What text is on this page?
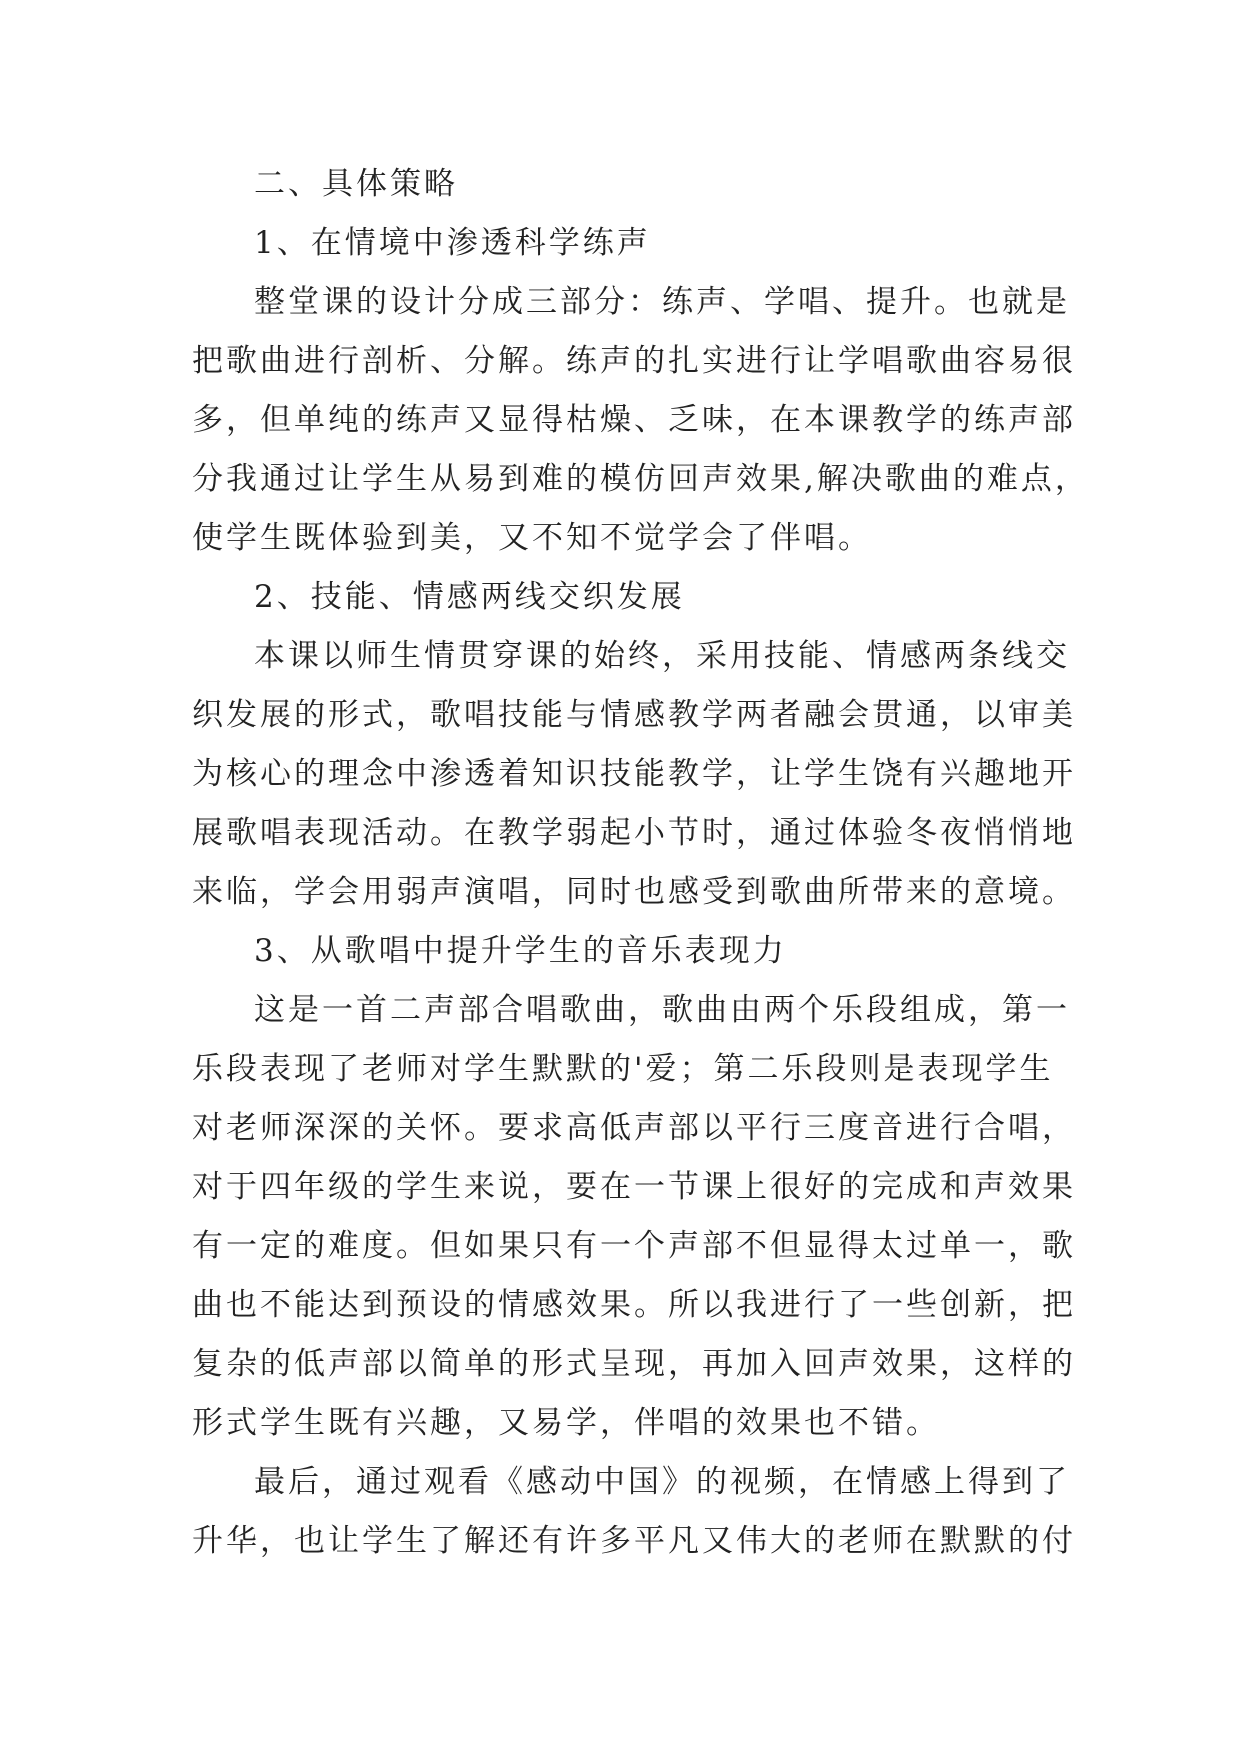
二、具体策略
1、在情境中渗透科学练声
整堂课的设计分成三部分：练声、学唱、提升。也就是
把歌曲进行剖析、分解。练声的扎实进行让学唱歌曲容易很
多，但单纯的练声又显得枯燥、乏味，在本课教学的练声部
分我通过让学生从易到难的模仿回声效果,解决歌曲的难点，
使学生既体验到美，又不知不觉学会了伴唱。
2、技能、情感两线交织发展
本课以师生情贯穿课的始终，采用技能、情感两条线交
织发展的形式，歌唱技能与情感教学两者融会贯通，以审美
为核心的理念中渗透着知识技能教学，让学生饶有兴趣地开
展歌唱表现活动。在教学弱起小节时，通过体验冬夜悄悄地
来临，学会用弱声演唱，同时也感受到歌曲所带来的意境。
3、从歌唱中提升学生的音乐表现力
这是一首二声部合唱歌曲，歌曲由两个乐段组成，第一
乐段表现了老师对学生默默的'爱；第二乐段则是表现学生
对老师深深的关怀。要求高低声部以平行三度音进行合唱，
对于四年级的学生来说，要在一节课上很好的完成和声效果
有一定的难度。但如果只有一个声部不但显得太过单一，歌
曲也不能达到预设的情感效果。所以我进行了一些创新，把
复杂的低声部以简单的形式呈现，再加入回声效果，这样的
形式学生既有兴趣，又易学，伴唱的效果也不错。
最后，通过观看《感动中国》的视频，在情感上得到了
升华，也让学生了解还有许多平凡又伟大的老师在默默的付
